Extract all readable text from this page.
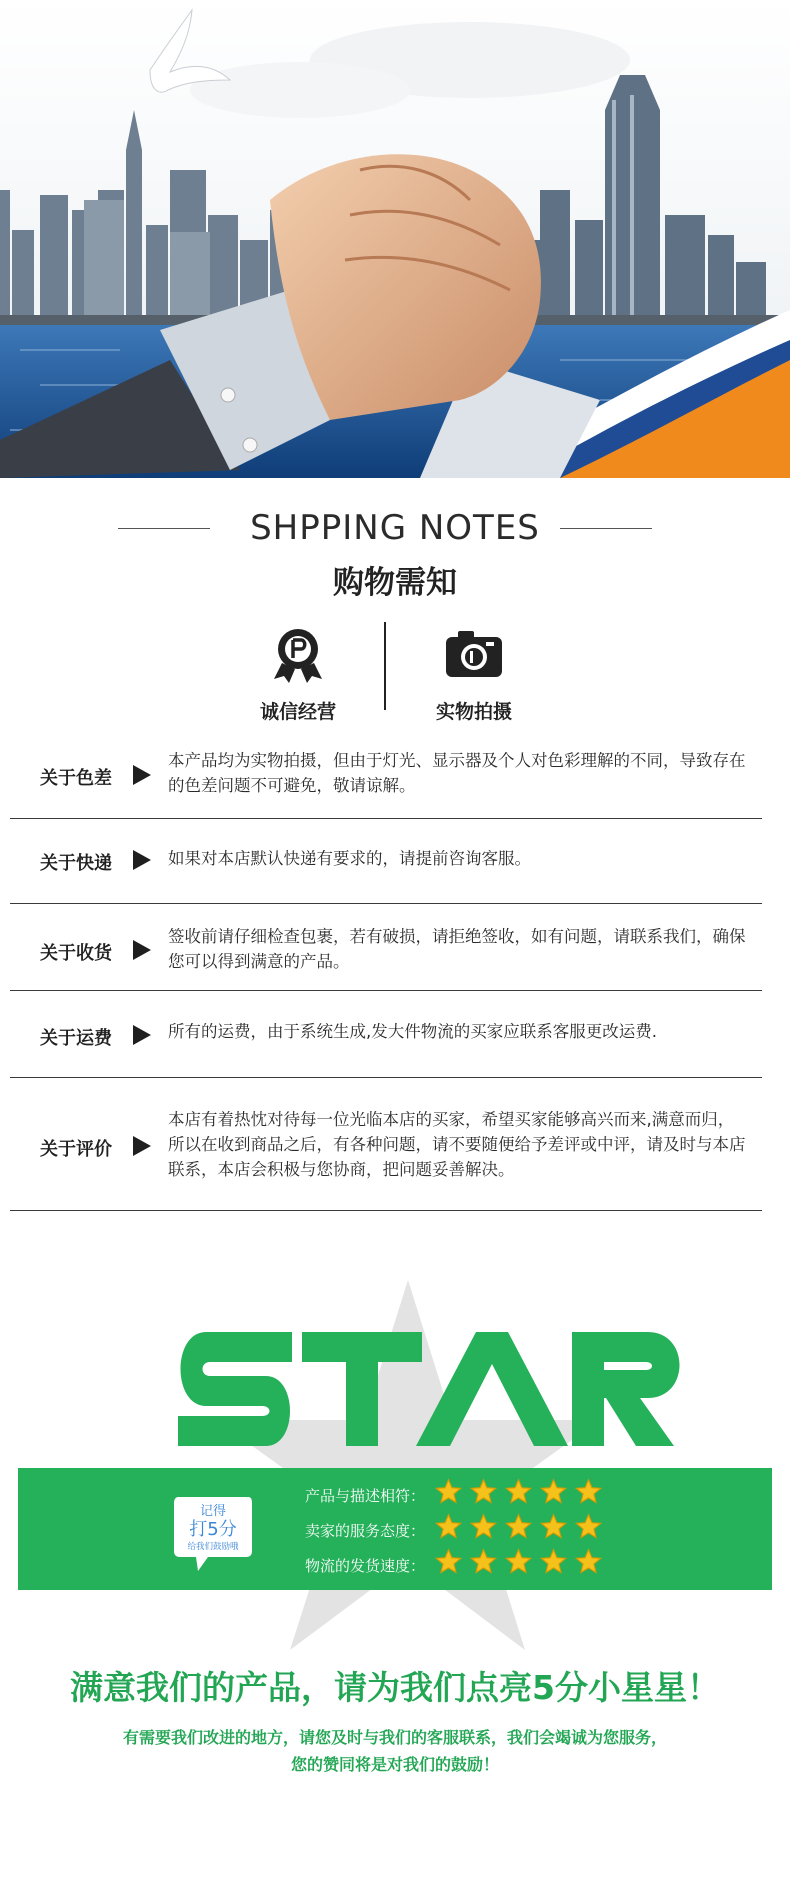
SHPPING NOTES
购物需知
诚信经营	实物拍摄
关于色差
本产品均为实物拍摄，但由于灯光、显示器及个人对色彩理解的不同，导致存在的色差问题不可避免，敬请谅解。
关于快递	如果对本店默认快递有要求的，请提前咨询客服。
关于收货
签收前请仔细检查包裹，若有破损，请拒绝签收，如有问题，请联系我们，确保您可以得到满意的产品。
关于运费	所有的运费，由于系统生成,发大件物流的买家应联系客服更改运费.
关于评价
本店有着热忱对待每一位光临本店的买家，希望买家能够高兴而来,满意而归，所以在收到商品之后，有各种问题，请不要随便给予差评或中评，请及时与本店联系，本店会积极与您协商，把问题妥善解决。
记得
打5分
给我们鼓励哦
产品与描述相符：
卖家的服务态度：
物流的发货速度：
满意我们的产品，请为我们点亮5分小星星！
有需要我们改进的地方，请您及时与我们的客服联系，我们会竭诚为您服务，
您的赞同将是对我们的鼓励！
